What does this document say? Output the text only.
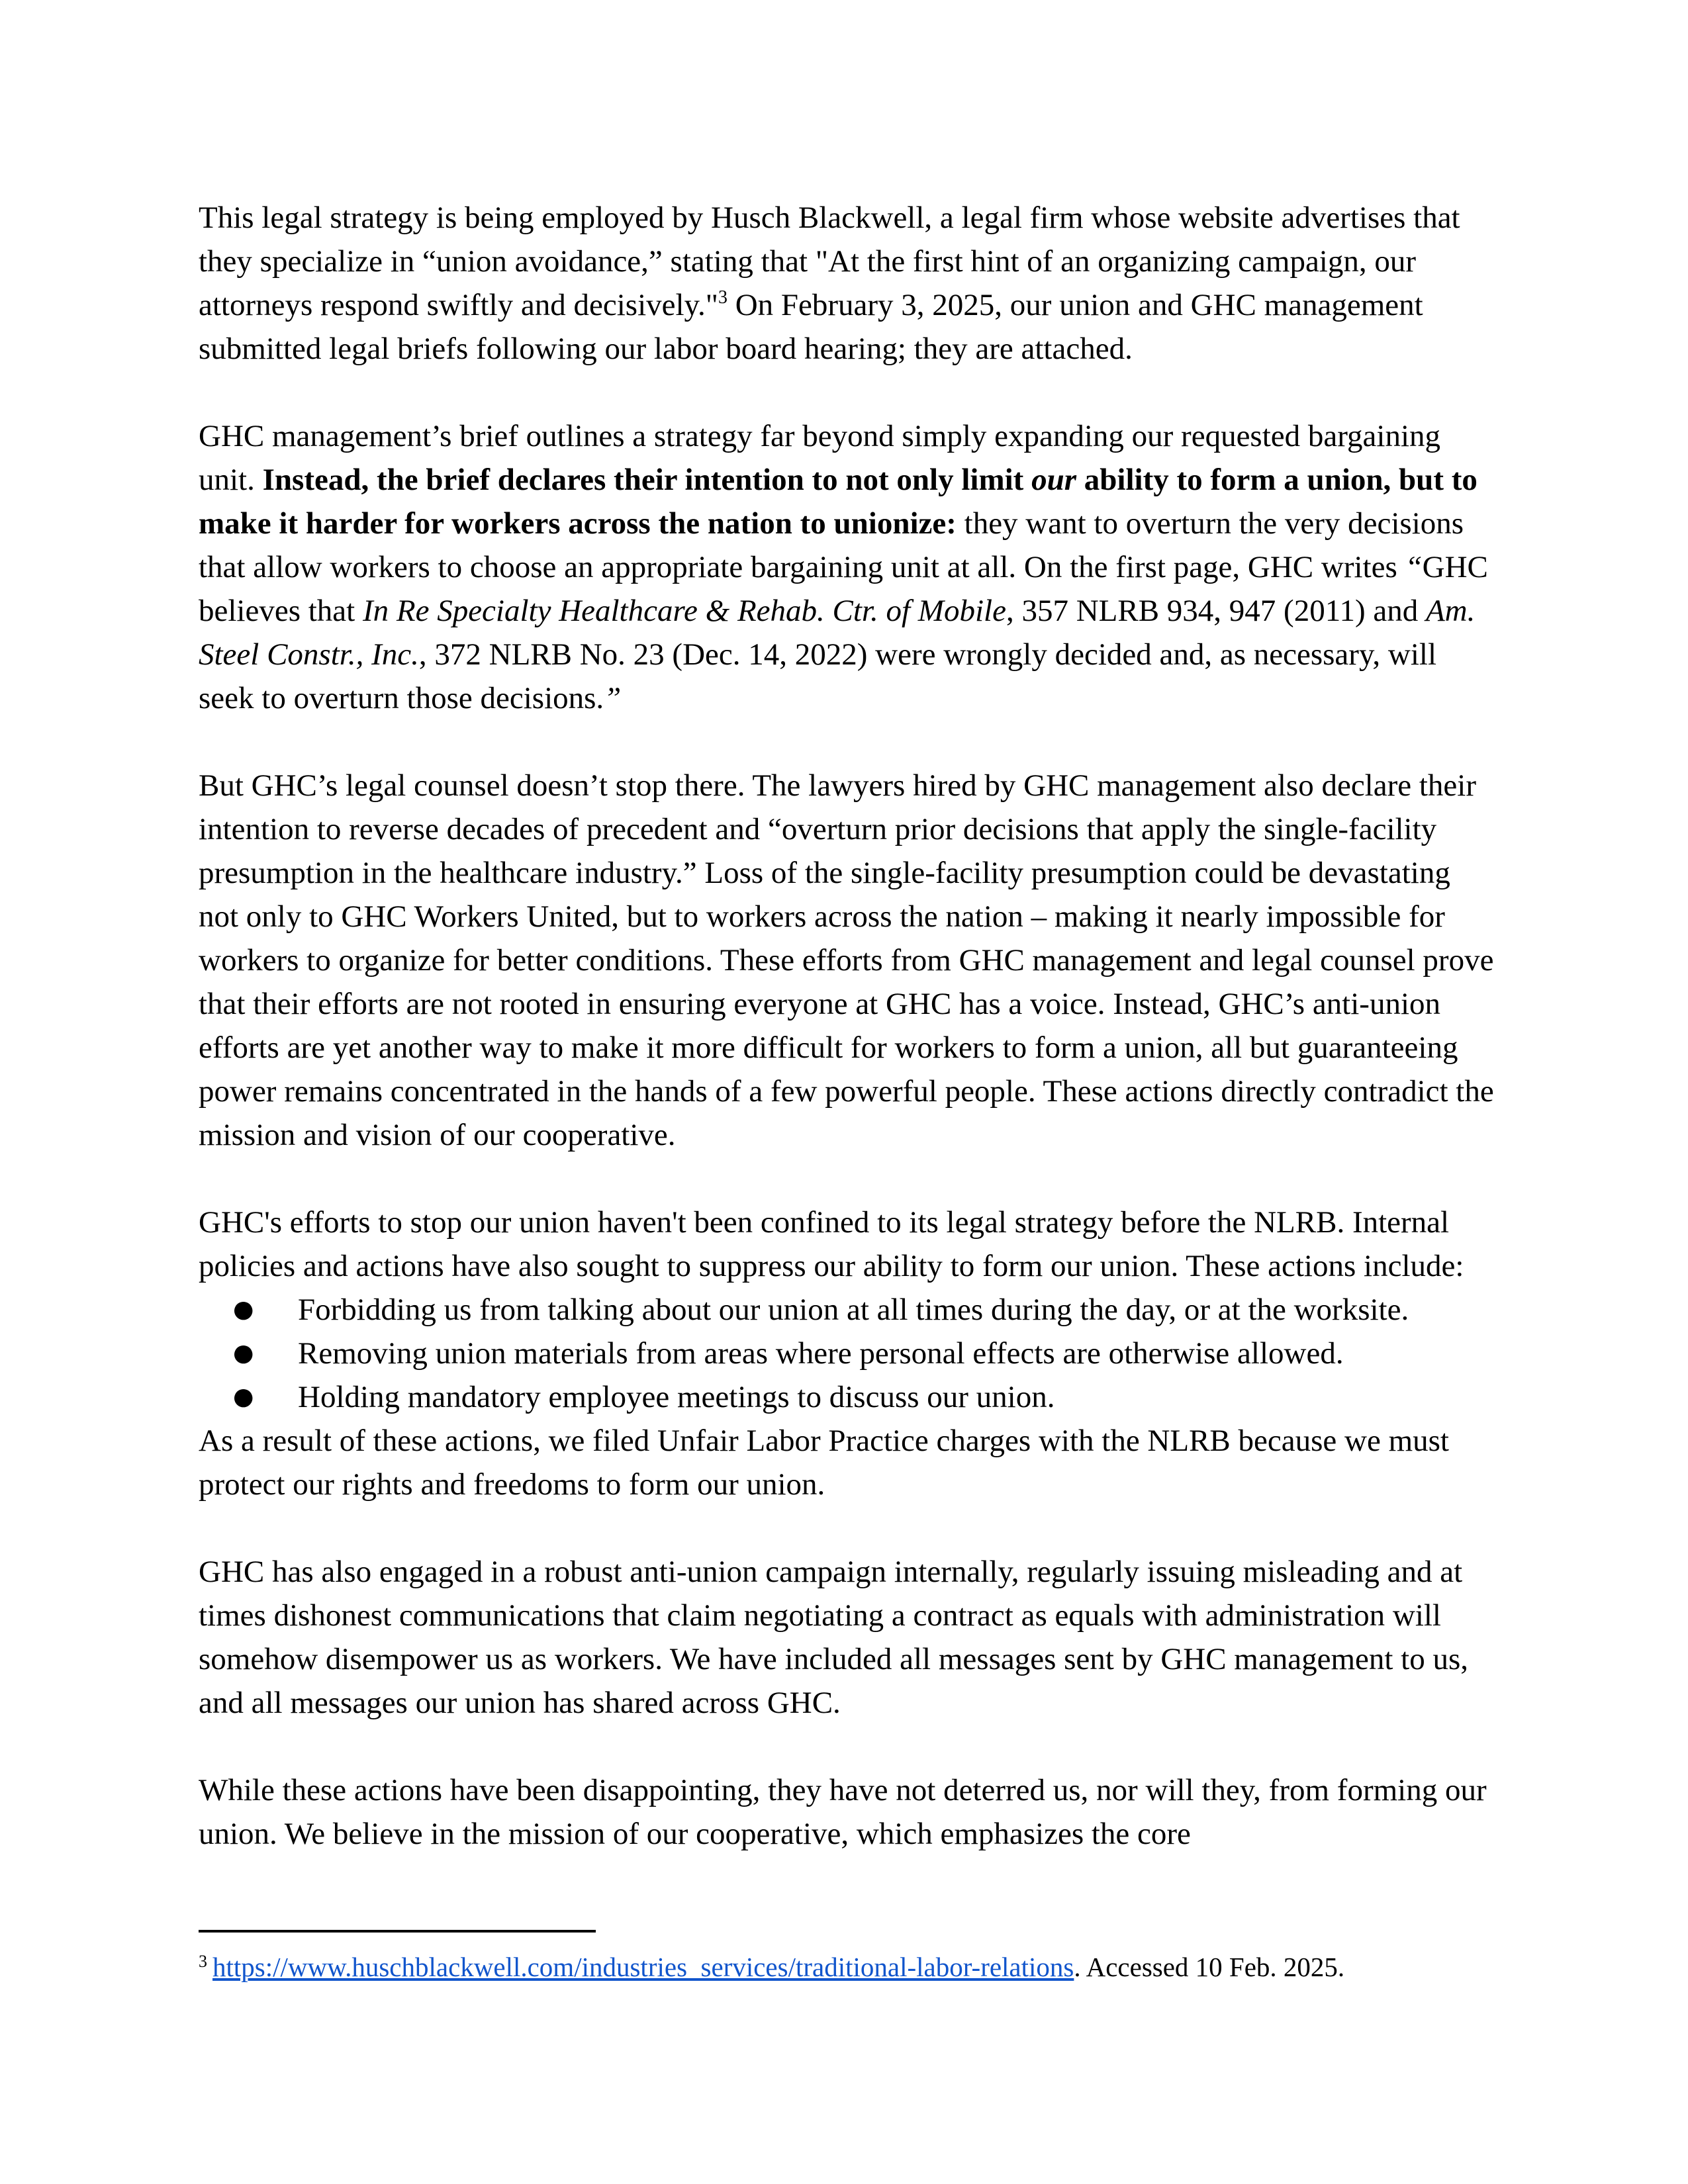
This legal strategy is being employed by Husch Blackwell, a legal firm whose website advertises that they specialize in “union avoidance,” stating that "At the first hint of an organizing campaign, our attorneys respond swiftly and decisively."$^3$ On February 3, 2025, our union and GHC management submitted legal briefs following our labor board hearing; they are attached.

GHC management’s brief outlines a strategy far beyond simply expanding our requested bargaining unit. Instead, the brief declares their intention to not only limit our ability to form a union, but to make it harder for workers across the nation to unionize: they want to overturn the very decisions that allow workers to choose an appropriate bargaining unit at all. On the first page, GHC writes “GHC believes that In Re Specialty Healthcare & Rehab. Ctr. of Mobile, 357 NLRB 934, 947 (2011) and Am. Steel Constr., Inc., 372 NLRB No. 23 (Dec. 14, 2022) were wrongly decided and, as necessary, will seek to overturn those decisions.”

But GHC’s legal counsel doesn’t stop there. The lawyers hired by GHC management also declare their intention to reverse decades of precedent and “overturn prior decisions that apply the single-facility presumption in the healthcare industry.” Loss of the single-facility presumption could be devastating not only to GHC Workers United, but to workers across the nation – making it nearly impossible for workers to organize for better conditions. These efforts from GHC management and legal counsel prove that their efforts are not rooted in ensuring everyone at GHC has a voice. Instead, GHC’s anti-union efforts are yet another way to make it more difficult for workers to form a union, all but guaranteeing power remains concentrated in the hands of a few powerful people. These actions directly contradict the mission and vision of our cooperative.

GHC's efforts to stop our union haven't been confined to its legal strategy before the NLRB. Internal policies and actions have also sought to suppress our ability to form our union. These actions include:
● Forbidding us from talking about our union at all times during the day, or at the worksite.
● Removing union materials from areas where personal effects are otherwise allowed.
● Holding mandatory employee meetings to discuss our union.
As a result of these actions, we filed Unfair Labor Practice charges with the NLRB because we must protect our rights and freedoms to form our union.

GHC has also engaged in a robust anti-union campaign internally, regularly issuing misleading and at times dishonest communications that claim negotiating a contract as equals with administration will somehow disempower us as workers. We have included all messages sent by GHC management to us, and all messages our union has shared across GHC.

While these actions have been disappointing, they have not deterred us, nor will they, from forming our union. We believe in the mission of our cooperative, which emphasizes the core

$^3$ https://www.huschblackwell.com/industries_services/traditional-labor-relations. Accessed 10 Feb. 2025.
